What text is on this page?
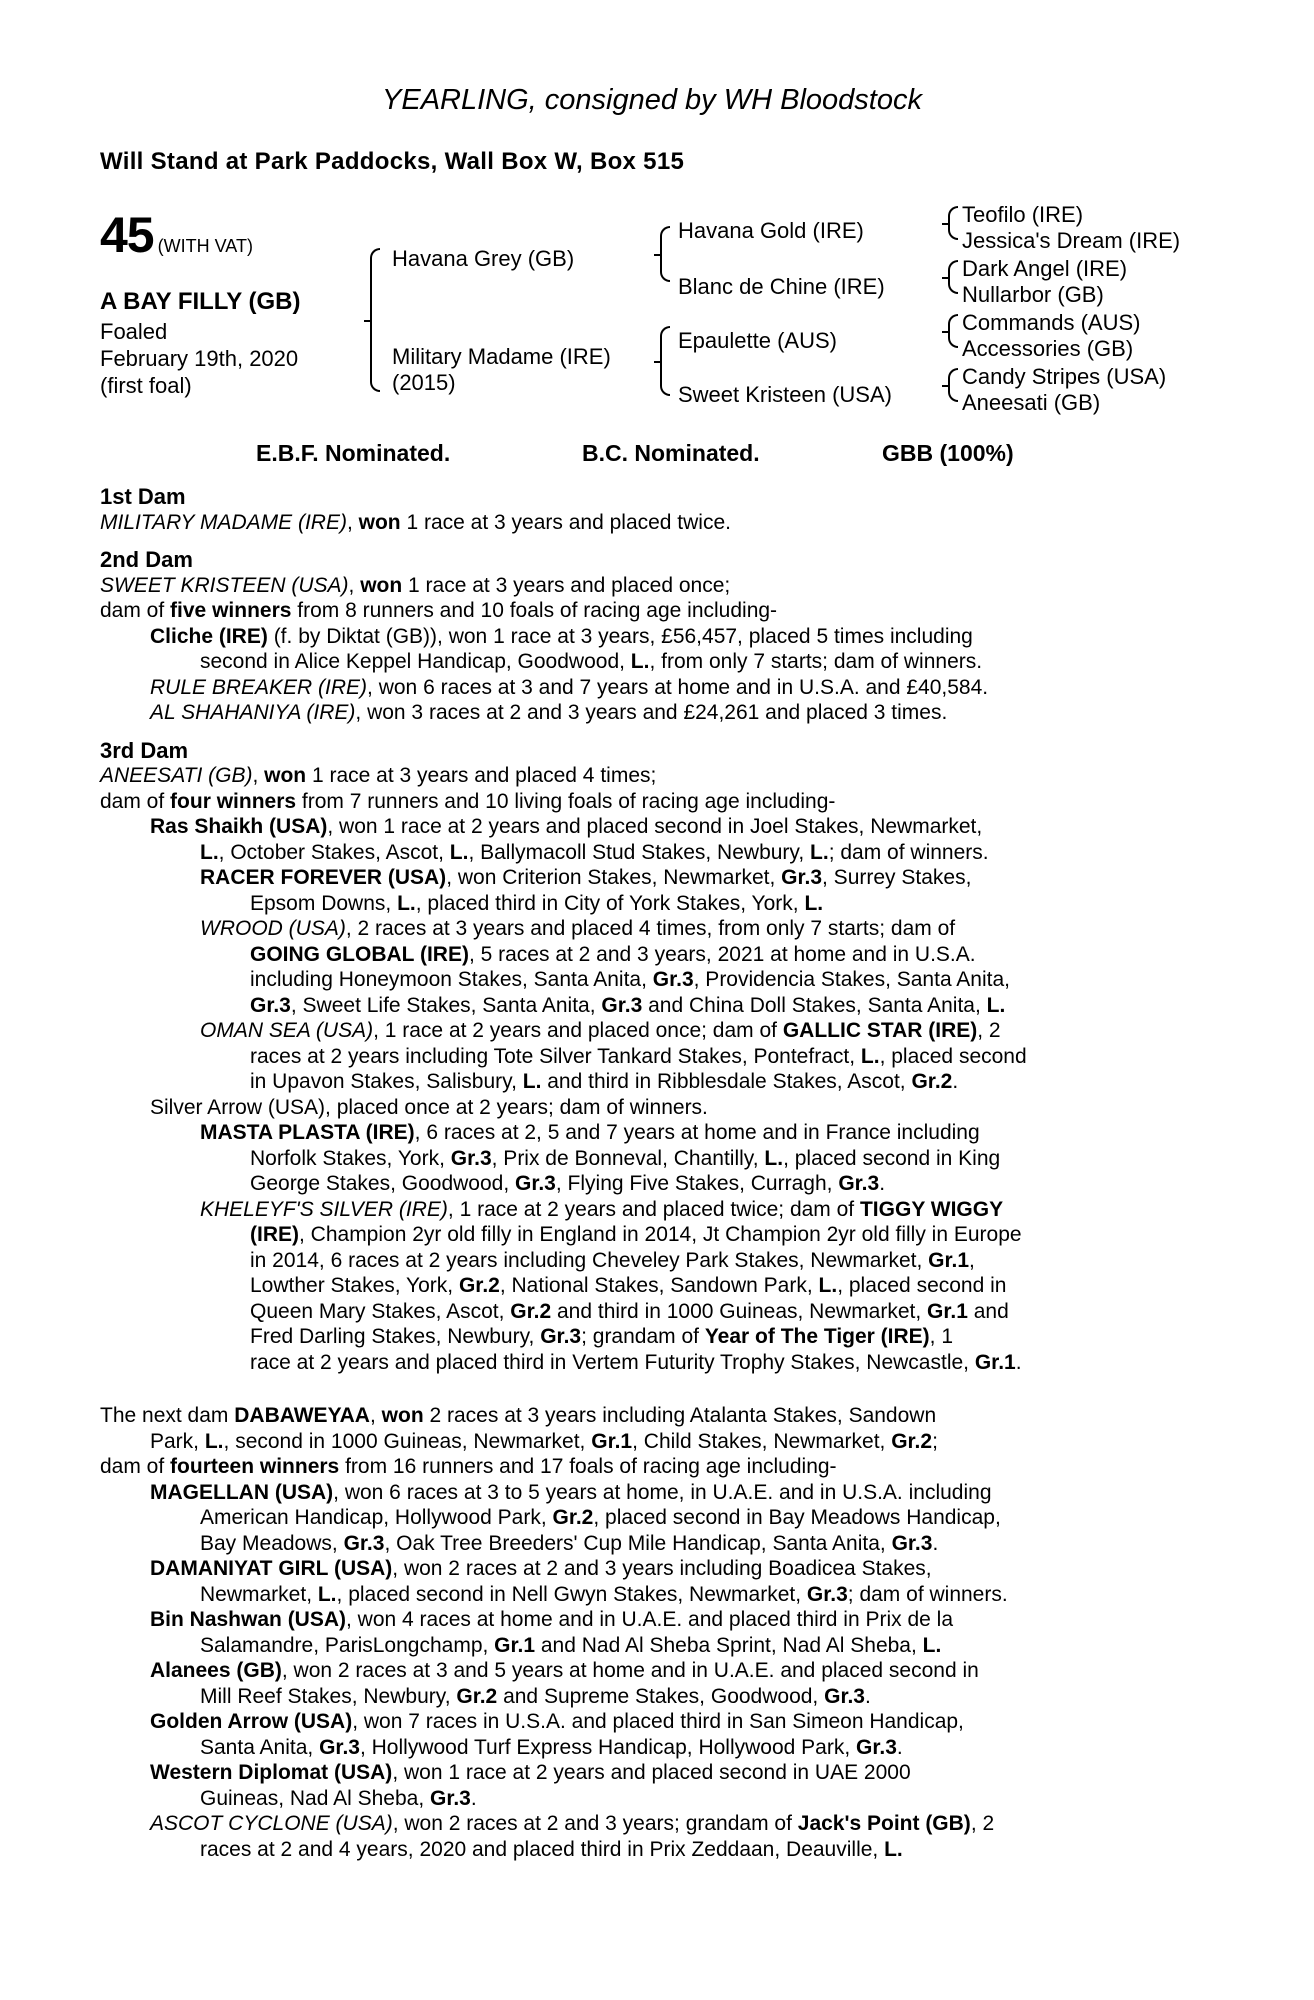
YEARLING, consigned by WH Bloodstock
Will Stand at Park Paddocks, Wall Box W, Box 515
45 (WITH VAT)
A BAY FILLY (GB)
Foaled
February 19th, 2020
(first foal)
Havana Grey (GB)
Military Madame (IRE)
(2015)
Havana Gold (IRE)
Blanc de Chine (IRE)
Epaulette (AUS)
Sweet Kristeen (USA)
Teofilo (IRE)
Jessica's Dream (IRE)
Dark Angel (IRE)
Nullarbor (GB)
Commands (AUS)
Accessories (GB)
Candy Stripes (USA)
Aneesati (GB)
E.B.F. Nominated.	B.C. Nominated.	GBB (100%)
1st Dam
MILITARY MADAME (IRE), won 1 race at 3 years and placed twice.
2nd Dam
SWEET KRISTEEN (USA), won 1 race at 3 years and placed once;
dam of five winners from 8 runners and 10 foals of racing age including-
Cliche (IRE) (f. by Diktat (GB)), won 1 race at 3 years, £56,457, placed 5 times including
second in Alice Keppel Handicap, Goodwood, L., from only 7 starts; dam of winners.
RULE BREAKER (IRE), won 6 races at 3 and 7 years at home and in U.S.A. and £40,584.
AL SHAHANIYA (IRE), won 3 races at 2 and 3 years and £24,261 and placed 3 times.
3rd Dam
ANEESATI (GB), won 1 race at 3 years and placed 4 times;
dam of four winners from 7 runners and 10 living foals of racing age including-
Ras Shaikh (USA), won 1 race at 2 years and placed second in Joel Stakes, Newmarket,
L., October Stakes, Ascot, L., Ballymacoll Stud Stakes, Newbury, L.; dam of winners.
RACER FOREVER (USA), won Criterion Stakes, Newmarket, Gr.3, Surrey Stakes,
Epsom Downs, L., placed third in City of York Stakes, York, L.
WROOD (USA), 2 races at 3 years and placed 4 times, from only 7 starts; dam of
GOING GLOBAL (IRE), 5 races at 2 and 3 years, 2021 at home and in U.S.A.
including Honeymoon Stakes, Santa Anita, Gr.3, Providencia Stakes, Santa Anita,
Gr.3, Sweet Life Stakes, Santa Anita, Gr.3 and China Doll Stakes, Santa Anita, L.
OMAN SEA (USA), 1 race at 2 years and placed once; dam of GALLIC STAR (IRE), 2
races at 2 years including Tote Silver Tankard Stakes, Pontefract, L., placed second
in Upavon Stakes, Salisbury, L. and third in Ribblesdale Stakes, Ascot, Gr.2.
Silver Arrow (USA), placed once at 2 years; dam of winners.
MASTA PLASTA (IRE), 6 races at 2, 5 and 7 years at home and in France including
Norfolk Stakes, York, Gr.3, Prix de Bonneval, Chantilly, L., placed second in King
George Stakes, Goodwood, Gr.3, Flying Five Stakes, Curragh, Gr.3.
KHELEYF'S SILVER (IRE), 1 race at 2 years and placed twice; dam of TIGGY WIGGY
(IRE), Champion 2yr old filly in England in 2014, Jt Champion 2yr old filly in Europe
in 2014, 6 races at 2 years including Cheveley Park Stakes, Newmarket, Gr.1,
Lowther Stakes, York, Gr.2, National Stakes, Sandown Park, L., placed second in
Queen Mary Stakes, Ascot, Gr.2 and third in 1000 Guineas, Newmarket, Gr.1 and
Fred Darling Stakes, Newbury, Gr.3; grandam of Year of The Tiger (IRE), 1
race at 2 years and placed third in Vertem Futurity Trophy Stakes, Newcastle, Gr.1.
The next dam DABAWEYAA, won 2 races at 3 years including Atalanta Stakes, Sandown
Park, L., second in 1000 Guineas, Newmarket, Gr.1, Child Stakes, Newmarket, Gr.2;
dam of fourteen winners from 16 runners and 17 foals of racing age including-
MAGELLAN (USA), won 6 races at 3 to 5 years at home, in U.A.E. and in U.S.A. including
American Handicap, Hollywood Park, Gr.2, placed second in Bay Meadows Handicap,
Bay Meadows, Gr.3, Oak Tree Breeders' Cup Mile Handicap, Santa Anita, Gr.3.
DAMANIYAT GIRL (USA), won 2 races at 2 and 3 years including Boadicea Stakes,
Newmarket, L., placed second in Nell Gwyn Stakes, Newmarket, Gr.3; dam of winners.
Bin Nashwan (USA), won 4 races at home and in U.A.E. and placed third in Prix de la
Salamandre, ParisLongchamp, Gr.1 and Nad Al Sheba Sprint, Nad Al Sheba, L.
Alanees (GB), won 2 races at 3 and 5 years at home and in U.A.E. and placed second in
Mill Reef Stakes, Newbury, Gr.2 and Supreme Stakes, Goodwood, Gr.3.
Golden Arrow (USA), won 7 races in U.S.A. and placed third in San Simeon Handicap,
Santa Anita, Gr.3, Hollywood Turf Express Handicap, Hollywood Park, Gr.3.
Western Diplomat (USA), won 1 race at 2 years and placed second in UAE 2000
Guineas, Nad Al Sheba, Gr.3.
ASCOT CYCLONE (USA), won 2 races at 2 and 3 years; grandam of Jack's Point (GB), 2
races at 2 and 4 years, 2020 and placed third in Prix Zeddaan, Deauville, L.
